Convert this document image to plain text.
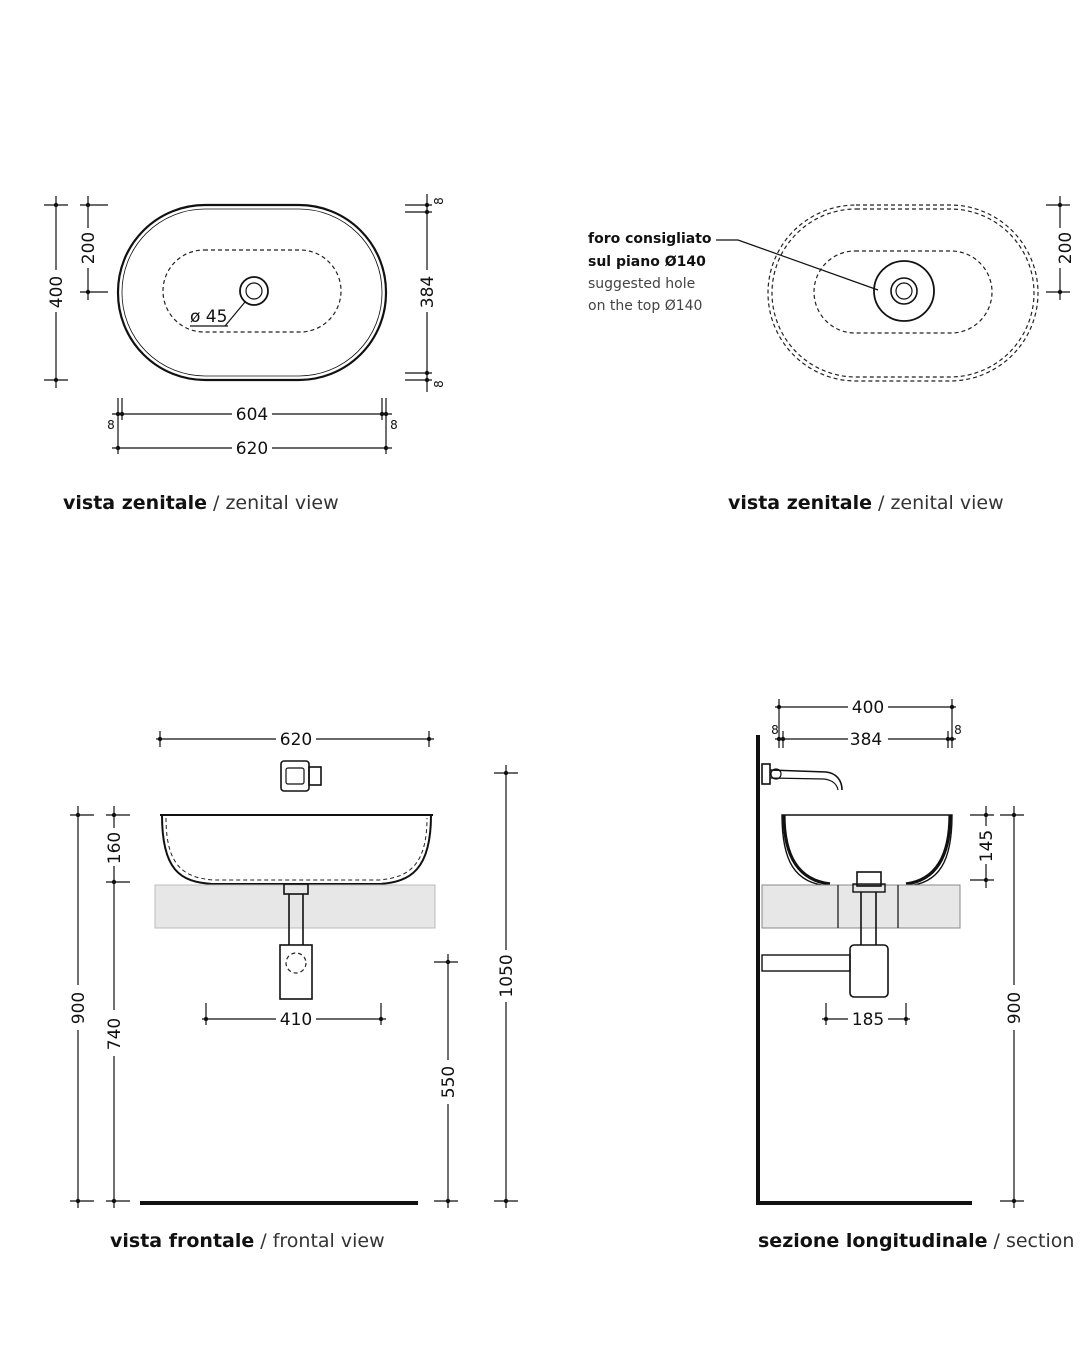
ø 45
400
200
384
8
8
604
8	8
620
vista zenitale / zenital view
foro consigliato
sul piano Ø140
suggested hole
on the top Ø140
200
vista zenitale / zenital view
620
410
900
160
740
550
1050
vista frontale / frontal view
400
384
8	8
185
145
900
sezione longitudinale / section
